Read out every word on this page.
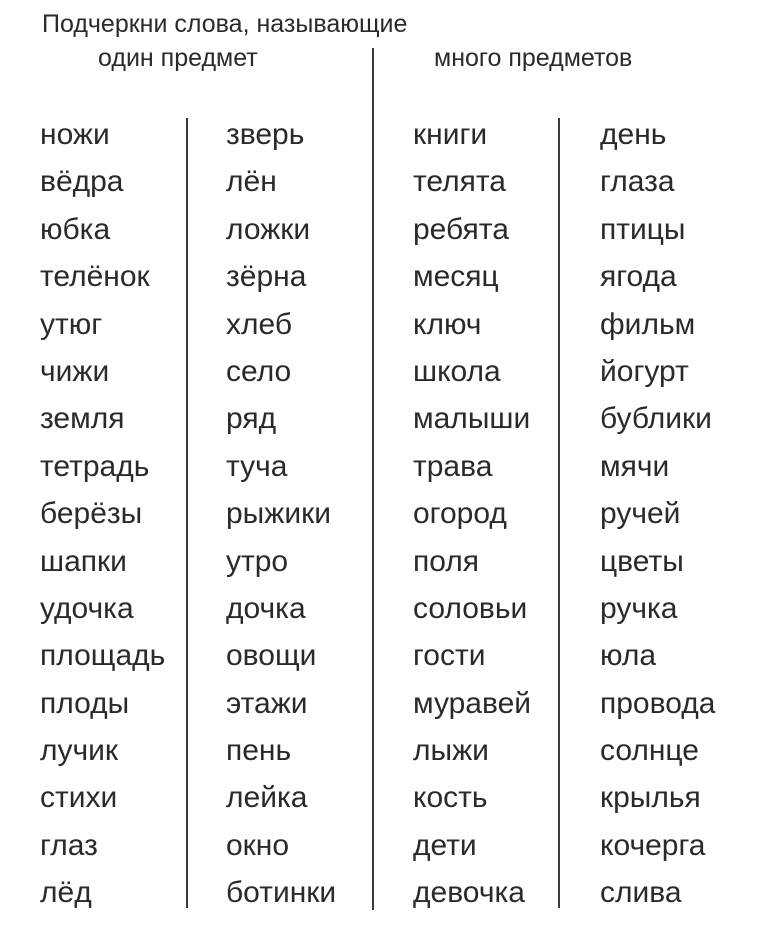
Подчеркни слова, называющие
один предмет	много предметов
ножи
вёдра
юбка
телёнок
утюг
чижи
земля
тетрадь
берёзы
шапки
удочка
площадь
плоды
лучик
стихи
глаз
лёд
зверь
лён
ложки
зёрна
хлеб
село
ряд
туча
рыжики
утро
дочка
овощи
этажи
пень
лейка
окно
ботинки
книги
телята
ребята
месяц
ключ
школа
малыши
трава
огород
поля
соловьи
гости
муравей
лыжи
кость
дети
девочка
день
глаза
птицы
ягода
фильм
йогурт
бублики
мячи
ручей
цветы
ручка
юла
провода
солнце
крылья
кочерга
слива
